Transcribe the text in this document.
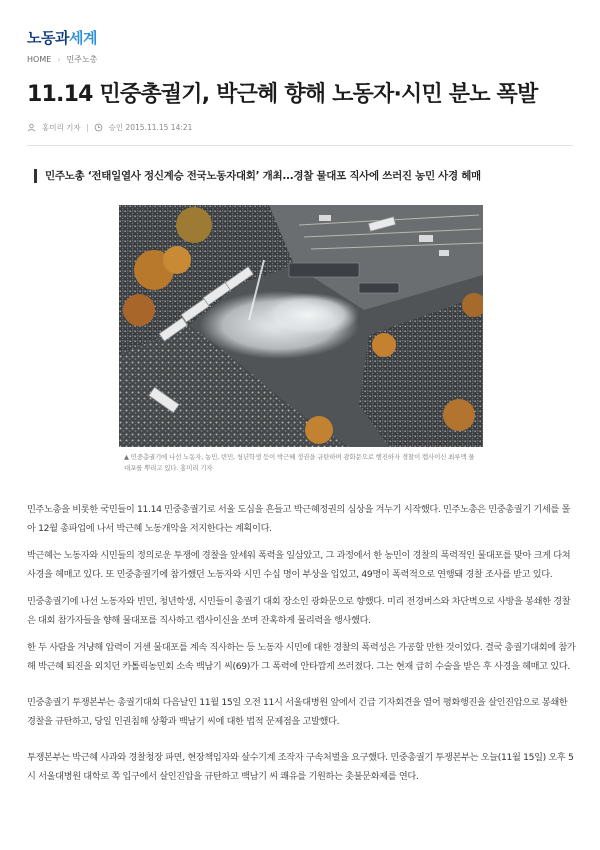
노동과세계
HOME › 민주노총
11.14 민중총궐기, 박근혜 향해 노동자·시민 분노 폭발
홍미리 기자	승인 2015.11.15 14:21
민주노총 ‘전태일열사 정신계승 전국노동자대회’ 개최...경찰 물대포 직사에 쓰러진 농민 사경 헤매
▲ 민중총궐기에 나선 노동자, 농민, 빈민, 청년학생 등이 박근혜 정권을 규탄하며 광화문으로 행진하자 경찰이 캡사이신 최루액 물대포를 뿌리고 있다. 홍미리 기자

민주노총을 비롯한 국민들이 11.14 민중총궐기로 서울 도심을 흔들고 박근혜정권의 심상을 겨누기 시작했다. 민주노총은 민중총궐기 기세를 몰아 12월 총파업에 나서 박근혜 노동개악을 저지한다는 계획이다.

박근혜는 노동자와 시민들의 정의로운 투쟁에 경찰을 앞세워 폭력을 일삼았고, 그 과정에서 한 농민이 경찰의 폭력적인 물대포를 맞아 크게 다쳐 사경을 헤매고 있다. 또 민중총궐기에 참가했던 노동자와 시민 수십 명이 부상을 입었고, 49명이 폭력적으로 연행돼 경찰 조사를 받고 있다.

민중총궐기에 나선 노동자와 빈민, 청년학생, 시민들이 총궐기 대회 장소인 광화문으로 향했다. 미리 전경버스와 차단벽으로 사방을 봉쇄한 경찰은 대회 참가자들을 향해 물대포를 직사하고 캡사이신을 쏘며 잔혹하게 물리력을 행사했다.

한 두 사람을 겨냥해 압력이 거센 물대포를 계속 직사하는 등 노동자 시민에 대한 경찰의 폭력성은 가공할 만한 것이었다. 결국 총궐기대회에 참가해 박근혜 퇴진을 외치던 카톨릭농민회 소속 백남기 씨(69)가 그 폭력에 안타깝게 쓰러졌다. 그는 현재 급히 수술을 받은 후 사경을 헤매고 있다.

민중총궐기 투쟁본부는 총궐기대회 다음날인 11월 15일 오전 11시 서울대병원 앞에서 긴급 기자회견을 열어 평화행진을 살인진압으로 봉쇄한 경찰을 규탄하고, 당일 인권침해 상황과 백남기 씨에 대한 법적 문제점을 고발했다.

투쟁본부는 박근혜 사과와 경찰청장 파면, 현장책임자와 살수기계 조작자 구속처벌을 요구했다. 민중총궐기 투쟁본부는 오늘(11월 15일) 오후 5시 서울대병원 대학로 쪽 입구에서 살인진압을 규탄하고 백남기 씨 쾌유를 기원하는 촛불문화제를 연다.
